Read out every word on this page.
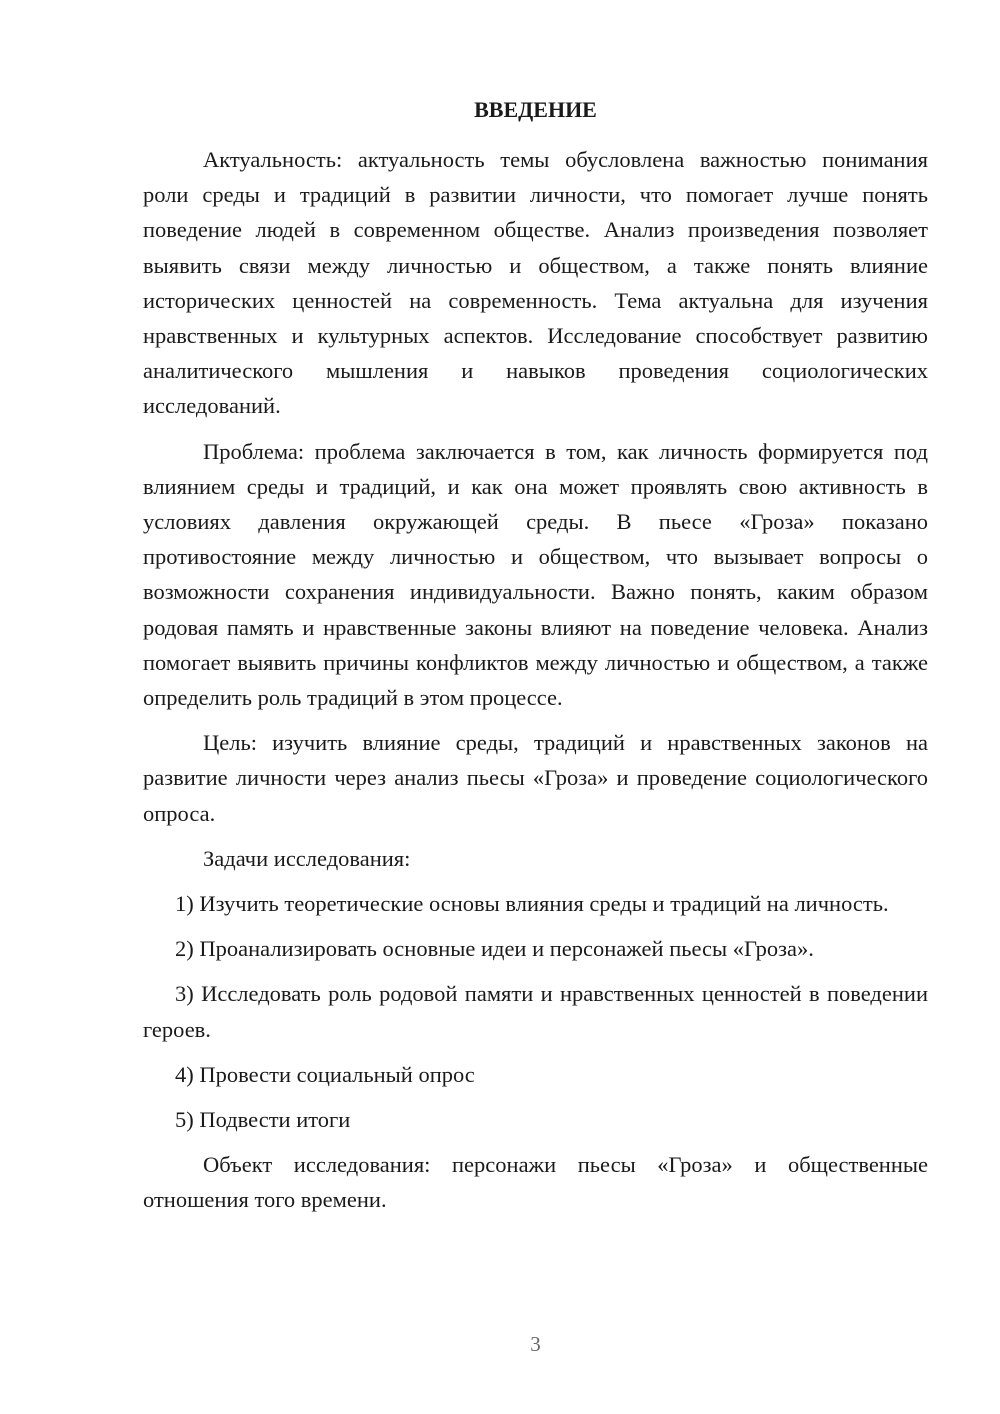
ВВЕДЕНИЕ

Актуальность: актуальность темы обусловлена важностью понимания роли среды и традиций в развитии личности, что помогает лучше понять поведение людей в современном обществе. Анализ произведения позволяет выявить связи между личностью и обществом, а также понять влияние исторических ценностей на современность. Тема актуальна для изучения нравственных и культурных аспектов. Исследование способствует развитию аналитического мышления и навыков проведения социологических исследований.

Проблема: проблема заключается в том, как личность формируется под влиянием среды и традиций, и как она может проявлять свою активность в условиях давления окружающей среды. В пьесе «Гроза» показано противостояние между личностью и обществом, что вызывает вопросы о возможности сохранения индивидуальности. Важно понять, каким образом родовая память и нравственные законы влияют на поведение человека. Анализ помогает выявить причины конфликтов между личностью и обществом, а также определить роль традиций в этом процессе.

Цель: изучить влияние среды, традиций и нравственных законов на развитие личности через анализ пьесы «Гроза» и проведение социологического опроса.

Задачи исследования:

1) Изучить теоретические основы влияния среды и традиций на личность.

2) Проанализировать основные идеи и персонажей пьесы «Гроза».

3) Исследовать роль родовой памяти и нравственных ценностей в поведении героев.

4) Провести социальный опрос

5) Подвести итоги

Объект исследования: персонажи пьесы «Гроза» и общественные отношения того времени.

3
